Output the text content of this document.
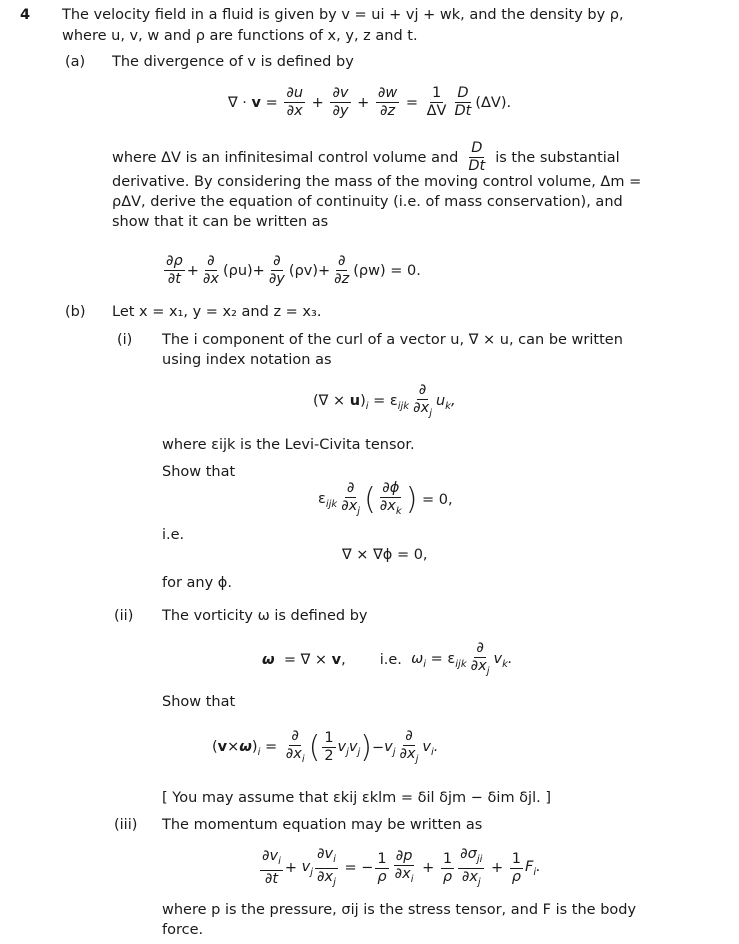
4 The velocity field in a fluid is given by v = ui + vj + wk, and the density by ρ,
where u, v, w and ρ are functions of x, y, z and t.
(a) The divergence of v is defined by
∇ · $v = \frac{\partial u}{\partial x} + \frac{\partial v}{\partial y} + \frac{\partial w}{\partial z} = \frac{1}{\Delta V} \frac{D}{Dt} (\Delta V)$.
where ΔV is an infinitesimal control volume and $\frac{D}{Dt}$ is the substantial
derivative. By considering the mass of the moving control volume, Δm =
ρΔV, derive the equation of continuity (i.e. of mass conservation), and
show that it can be written as
$\frac{\partial\rho}{\partial t} + \frac{\partial}{\partial x} (\rho u)+ \frac{\partial}{\partial y} (\rho v)+ \frac{\partial}{\partial z} (\rho w) = 0$.
(b) Let x = x₁, y = x₂ and z = x₃.
(i) The i component of the curl of a vector u, ∇ × u, can be written
using index notation as
(∇ × $u)_i = \varepsilon_{ijk} \frac{\partial}{\partial x_j} u_k$,
where εijk is the Levi-Civita tensor.
Show that
$\varepsilon_{ijk} \frac{\partial}{\partial x_j}$ ( $\frac{\partial\phi}{\partial x_k}$ ) = 0,
i.e.
∇ × ∇ϕ = 0,
for any ϕ.
(ii) The vorticity ω is defined by
ω = ∇ × v, i.e. $\omega_i = \varepsilon_{ijk} \frac{\partial}{\partial x_j} v_k$.
Show that
$(v\times\omega)_i = \frac{\partial}{\partial x_i}$ ( $\frac{1}{2} v_jv_j$ ) − $v_j \frac{\partial}{\partial x_j} v_i$.
[ You may assume that εkij εklm = δil δjm − δim δjl. ]
(iii) The momentum equation may be written as
$\frac{\partial v_i}{\partial t} + v_j \frac{\partial v_i}{\partial x_j}$ = − $\frac{1}{\rho} \frac{\partial p}{\partial x_i} + \frac{1}{\rho} \frac{\partial\sigma_{ji}}{\partial x_j} + \frac{1}{\rho} F_i$.
where p is the pressure, σij is the stress tensor, and F is the body
force.
